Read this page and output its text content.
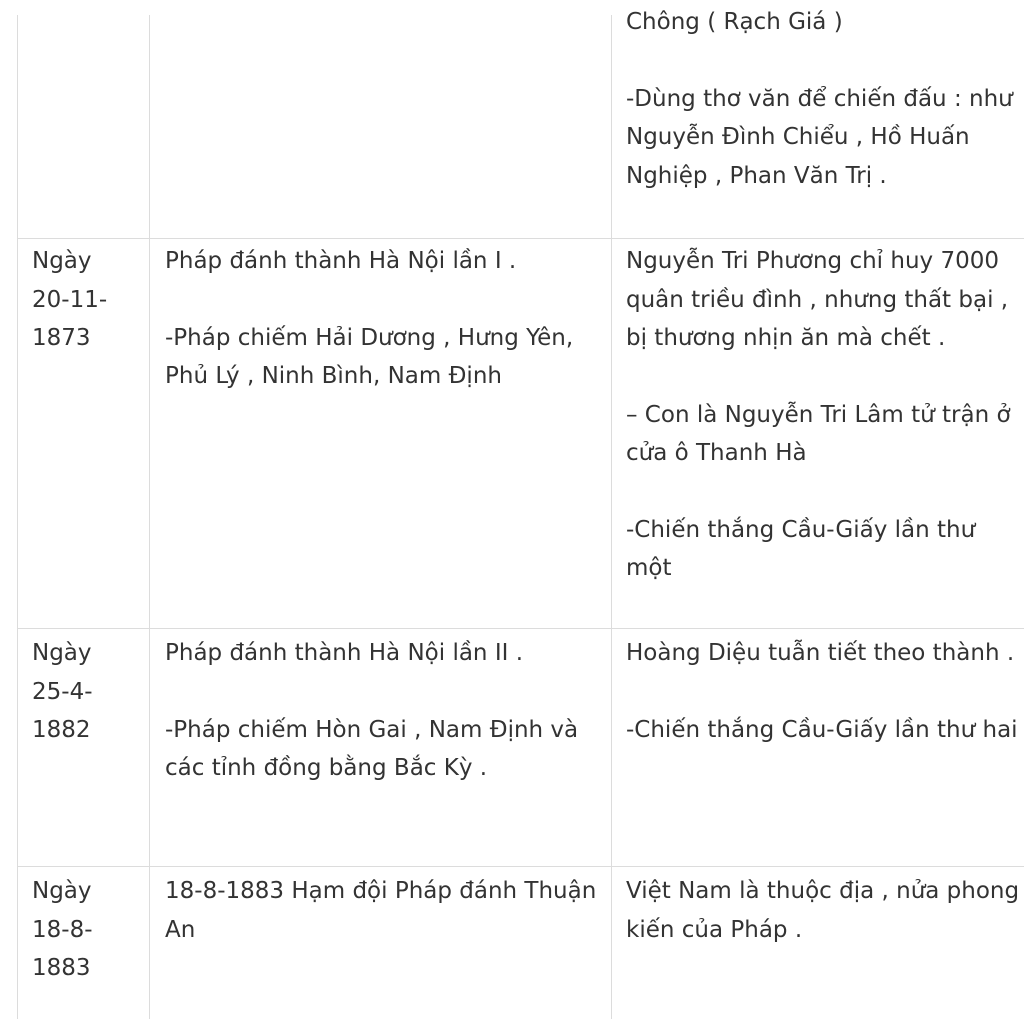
Chông ( Rạch Giá )

-Dùng thơ văn để chiến đấu : như Nguyễn Đình Chiểu , Hồ Huấn Nghiệp , Phan Văn Trị .

Ngày 20-11-1873

Pháp đánh thành Hà Nội lần I .

-Pháp chiếm Hải Dương , Hưng Yên, Phủ Lý , Ninh Bình, Nam Định

Nguyễn Tri Phương chỉ huy 7000 quân triều đình , nhưng thất bại , bị thương nhịn ăn mà chết .

– Con là Nguyễn Tri Lâm tử trận ở cửa ô Thanh Hà

-Chiến thắng Cầu-Giấy lần thư một

Ngày 25-4-1882

Pháp đánh thành Hà Nội lần II .

-Pháp chiếm Hòn Gai , Nam Định và các tỉnh đồng bằng Bắc Kỳ .

Hoàng Diệu tuẫn tiết theo thành .

-Chiến thắng Cầu-Giấy lần thư hai

Ngày 18-8-1883

18-8-1883 Hạm đội Pháp đánh Thuận An

Việt Nam là thuộc địa , nửa phong kiến của Pháp .
